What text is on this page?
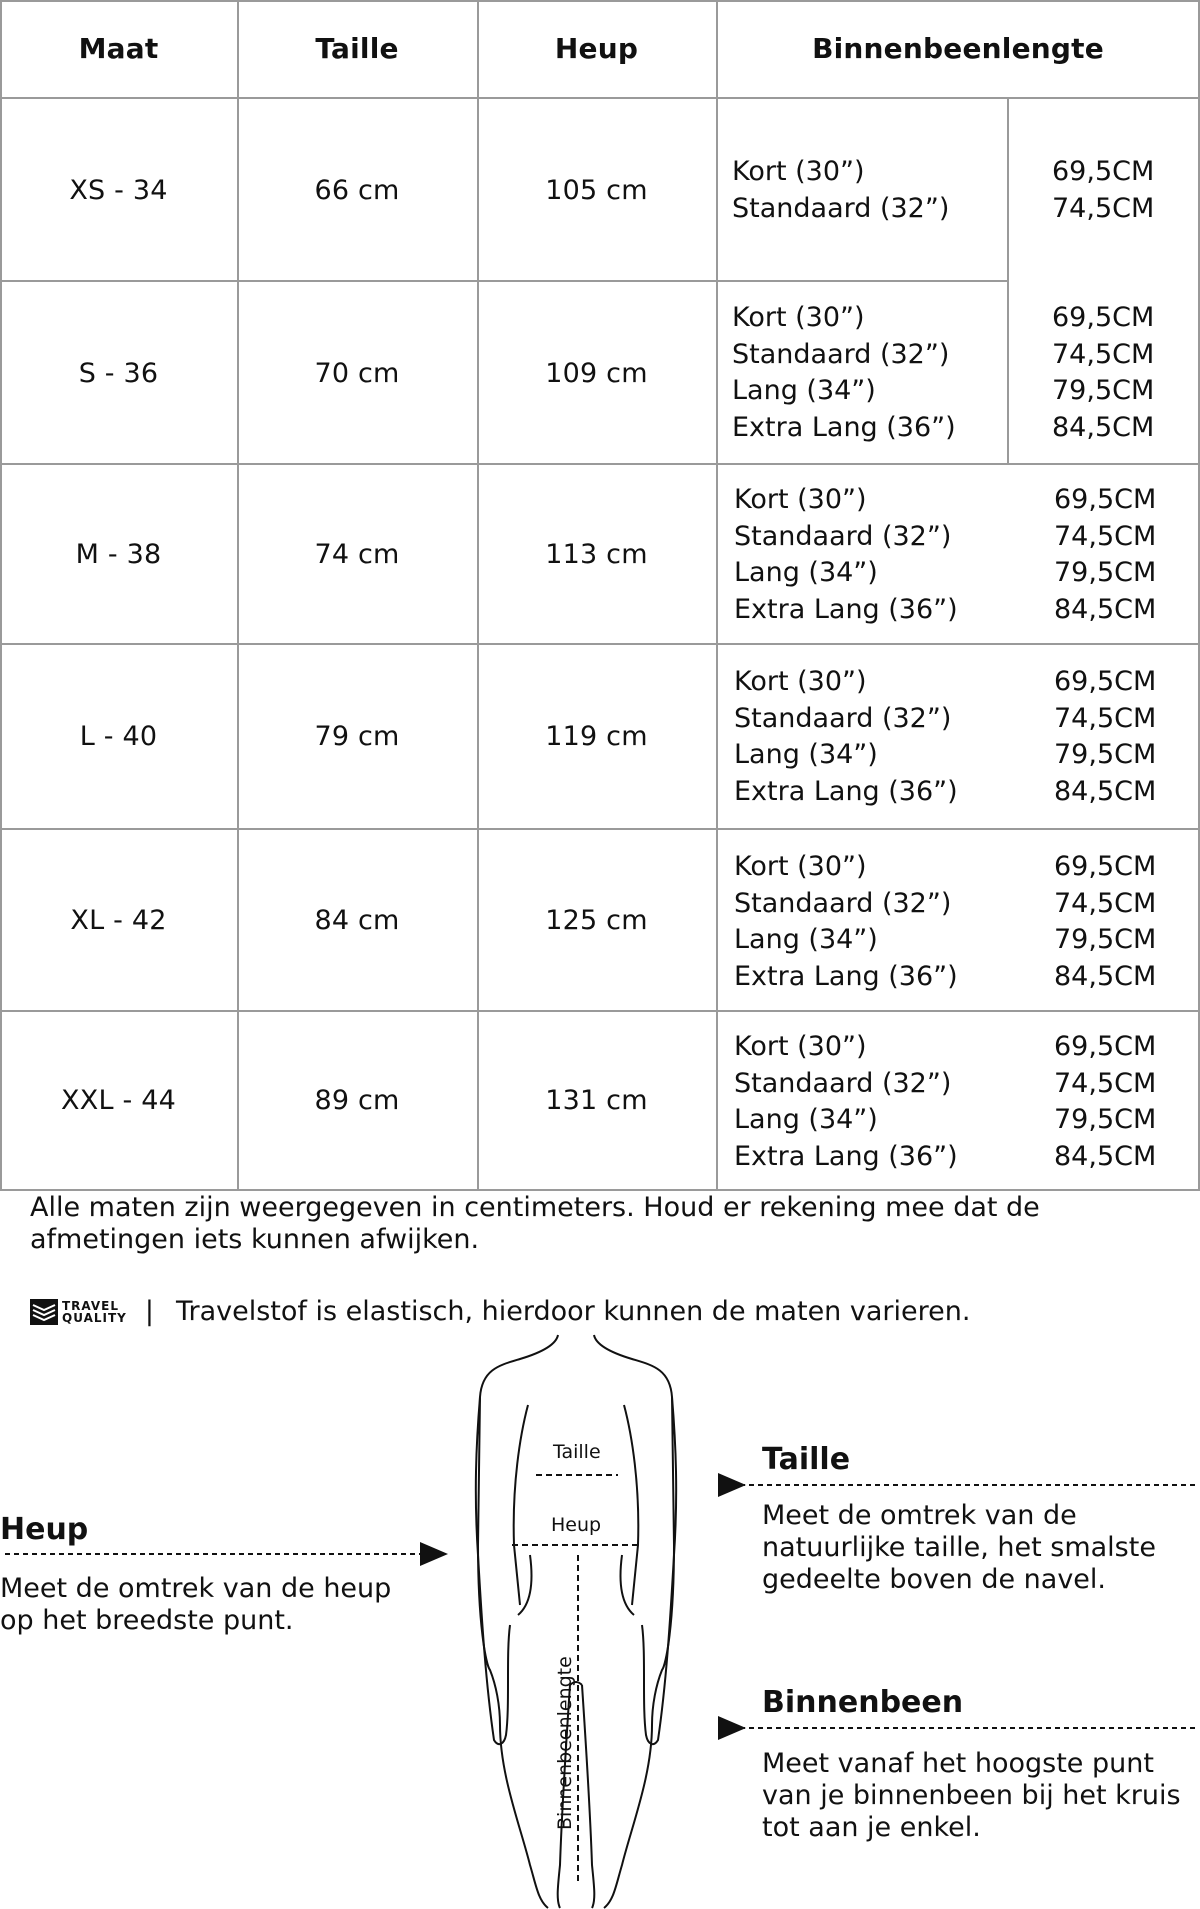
Maat	Taille	Heup	Binnenbeenlengte
XS - 34	66 cm	105 cm
Kort (30”)	69,5CM
Standaard (32”)	74,5CM
S - 36	70 cm	109 cm
Kort (30”)	69,5CM
Standaard (32”)	74,5CM
Lang (34”)	79,5CM
Extra Lang (36”)	84,5CM
M - 38	74 cm	113 cm
Kort (30”)	69,5CM
Standaard (32”)	74,5CM
Lang (34”)	79,5CM
Extra Lang (36”)	84,5CM
L - 40	79 cm	119 cm
Kort (30”)	69,5CM
Standaard (32”)	74,5CM
Lang (34”)	79,5CM
Extra Lang (36”)	84,5CM
XL - 42	84 cm	125 cm
Kort (30”)	69,5CM
Standaard (32”)	74,5CM
Lang (34”)	79,5CM
Extra Lang (36”)	84,5CM
XXL - 44	89 cm	131 cm
Kort (30”)	69,5CM
Standaard (32”)	74,5CM
Lang (34”)	79,5CM
Extra Lang (36”)	84,5CM
Alle maten zijn weergegeven in centimeters. Houd er rekening mee dat de afmetingen iets kunnen afwijken.
TRAVEL
QUALITY | Travelstof is elastisch, hierdoor kunnen de maten varieren.
Taille
Heup
Binnenbeenlengte
Heup
Meet de omtrek van de heup
op het breedste punt.
Taille
Meet de omtrek van de
natuurlijke taille, het smalste
gedeelte boven de navel.
Binnenbeen
Meet vanaf het hoogste punt
van je binnenbeen bij het kruis
tot aan je enkel.
